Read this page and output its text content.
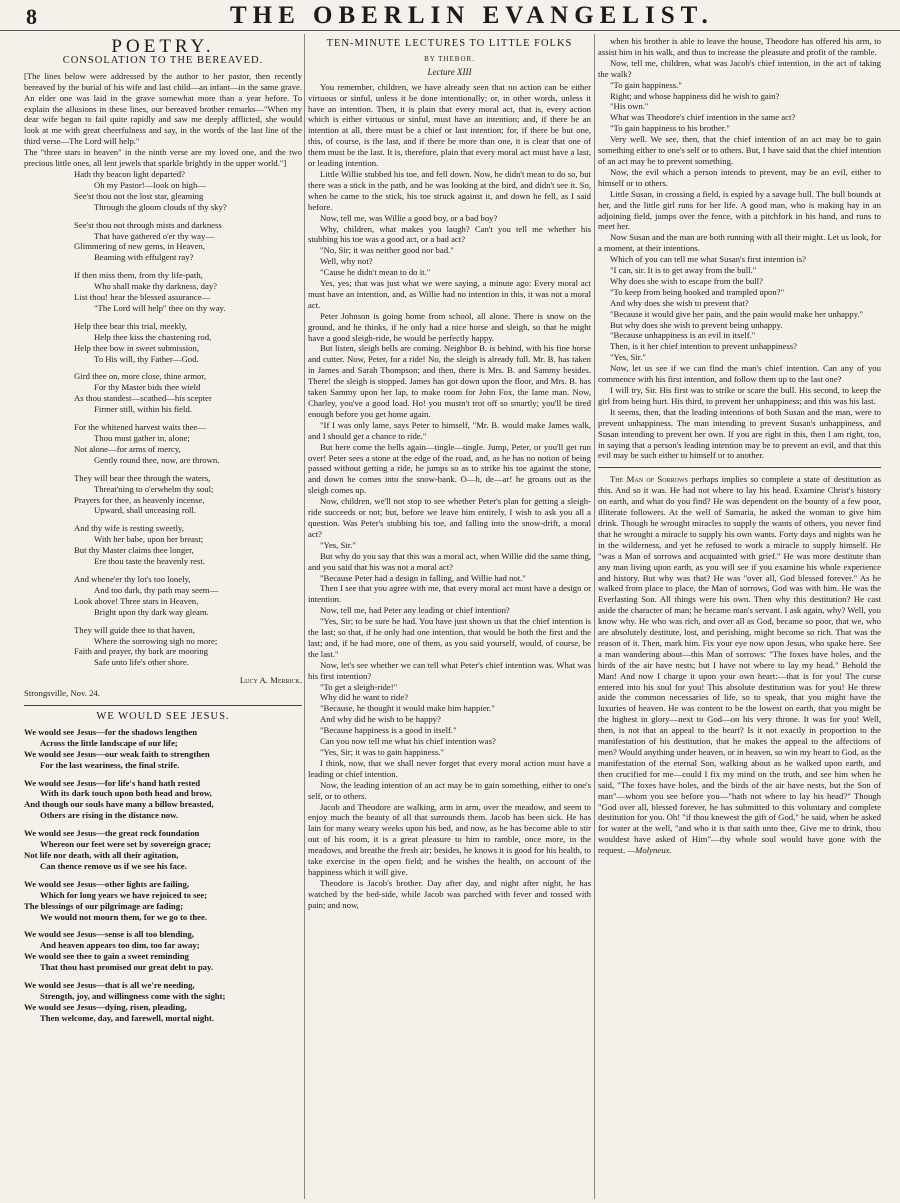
8	THE OBERLIN EVANGELIST.
POETRY.
CONSOLATION TO THE BEREAVED.

[The lines below were addressed by the author to her pastor, then recently bereaved by the burial of his wife and last child—an infant—in the same grave. An elder one was laid in the grave somewhat more than a year before. To explain the allusions in these lines, our bereaved brother remarks—"When my dear wife began to fail quite rapidly and saw me deeply afflicted, she would look at me with great cheerfulness and say, in the words of the last line of the third verse—The Lord will help."

The "three stars in heaven" in the ninth verse are my loved one, and the two precious little ones, all lent jewels that sparkle brightly in the upper world."]

Hath thy beacon light departed?
Oh my Pastor!—look on high—
See'st thou not the lost star, gleaming
Through the gloom clouds of thy sky?
See'st thou not through mists and darkness
That have gathered o'er thy way—
Glimmering of new gems, in Heaven,
Beaming with effulgent ray?
If then miss them, from thy life-path,
Who shall make thy darkness, day?
List thou! hear the blessed assurance—
"The Lord will help" thee on thy way.
Help thee bear this trial, meekly,
Help thee kiss the chastening rod,
Help thee bow in sweet submission,
To His will, thy Father—God.
Gird thee on, more close, thine armor,
For thy Master bids thee wield
As thou standest—scathed—his scepter
Firmer still, within his field.
For the whitened harvest waits thee—
Thou must gather in, alone;
Not alone—for arms of mercy,
Gently round thee, now, are thrown.
They will bear thee through the waters,
Threat'ning to o'erwhelm thy soul;
Prayers for thee, as heavenly incense,
Upward, shall unceasing roll.
And thy wife is resting sweetly,
With her babe, upon her breast;
But thy Master claims thee longer,
Ere thou taste the heavenly rest.
And whene'er thy lot's too lonely,
And too dark, thy path may seem—
Look above! Three stars in Heaven,
Bright upon thy dark way gleam.
They will guide thee to that haven,
Where the sorrowing sigh no more;
Faith and prayer, thy bark are mooring
Safe unto life's other shore.
Lucy A. Merrick.
Strongsville, Nov. 24.
WE WOULD SEE JESUS.
We would see Jesus—for the shadows lengthen
Across the little landscape of our life;
We would see Jesus—our weak faith to strengthen
For the last weariness, the final strife.
We would see Jesus—for life's hand hath rested
With its dark touch upon both head and brow,
And though our souls have many a billow breasted,
Others are rising in the distance now.
We would see Jesus—the great rock foundation
Whereon our feet were set by sovereign grace;
Not life nor death, with all their agitation,
Can thence remove us if we see his face.
We would see Jesus—other lights are failing,
Which for long years we have rejoiced to see;
The blessings of our pilgrimage are fading;
We would not mourn them, for we go to thee.
We would see Jesus—sense is all too blending,
And heaven appears too dim, too far away;
We would see thee to gain a sweet reminding
That thou hast promised our great debt to pay.
We would see Jesus—that is all we're needing,
Strength, joy, and willingness come with the sight;
We would see Jesus—dying, risen, pleading,
Then welcome, day, and farewell, mortal night.
TEN-MINUTE LECTURES TO LITTLE FOLKS
BY THEBOR.
Lecture XIII

You remember, children, we have already seen that no action can be either virtuous or sinful, unless it be done intentionally; or, in other words, unless it have an intention. Then, it is plain that every moral act, that is, every action which is either virtuous or sinful, must have an intention; and, if there be an intention at all, there must be a chief or last intention; for, if there be but one, this, of course, is the last, and if there be more than one, it is clear that one of them must be the last. It is, therefore, plain that every moral act must have a last, or leading intention.

Little Willie stubbed his toe, and fell down. Now, he didn't mean to do so, but there was a stick in the path, and he was looking at the bird, and didn't see it. So, when he came to the stick, his toe struck against it, and down he fell, as I said before.

Now, tell me, was Willie a good boy, or a bad boy?

Why, children, what makes you laugh? Can't you tell me whether his stubbing his toe was a good act, or a bad act?

"No, Sir; it was neither good nor bad."

Well, why not?

"Cause he didn't mean to do it."

Yes, yes; that was just what we were saying, a minute ago: Every moral act must have an intention, and, as Willie had no intention in this, it was not a moral act.

Peter Johnson is going home from school, all alone. There is snow on the ground, and he thinks, if he only had a nice horse and sleigh, so that he might have a good sleigh-ride, he would be perfectly happy.

But listen, sleigh bells are coming. Neighbor B. is behind, with his fine horse and cutter. Now, Peter, for a ride! No, the sleigh is already full. Mr. B. has taken in James and Sarah Thompson; and then, there is Mrs. B. and Sammy besides. There! the sleigh is stopped. James has got down upon the floor, and Mrs. B. has taken Sammy upon her lap, to make room for John Fox, the lame man. Now, Charley, you've a good load. Ho! you mustn't trot off so smartly; you'll be tired enough before you get home again.

"If I was only lame, says Peter to himself, "Mr. B. would make James walk, and I should get a chance to ride."

But here come the bells again—tingle—tingle. Jump, Peter, or you'll get run over! Peter sees a stone at the edge of the road, and, as he has no notion of being passed without getting a ride, he jumps so as to strike his toe against the stone, and down he comes into the snow-bank. O—h, de—ar! he groans out as the sleigh comes up.

Now, children, we'll not stop to see whether Peter's plan for getting a sleigh-ride succeeds or not; but, before we leave him entirely, I wish to ask you all a question. Was Peter's stubbing his toe, and falling into the snow-drift, a moral act?

"Yes, Sir."

But why do you say that this was a moral act, when Willie did the same thing, and you said that his was not a moral act?

"Because Peter had a design in falling, and Willie had not."

Then I see that you agree with me, that every moral act must have a design or intention.

Now, tell me, had Peter any leading or chief intention?

"Yes, Sir; to be sure he had. You have just shown us that the chief intention is the last; so that, if he only had one intention, that would be both the first and the last; and, if he had more, one of them, as you said yourself, would, of course, be the last."

Now, let's see whether we can tell what Peter's chief intention was. What was his first intention?

"To get a sleigh-ride!"

Why did he want to ride?

"Because, he thought it would make him happier."

And why did he wish to be happy?

"Because happiness is a good in itself."

Can you now tell me what his chief intention was?

"Yes, Sir; it was to gain happiness."

I think, now, that we shall never forget that every moral action must have a leading or chief intention.

Now, the leading intention of an act may be to gain something, either to one's self, or to others.

Jacob and Theodore are walking, arm in arm, over the meadow, and seem to enjoy much the beauty of all that surrounds them. Jacob has been sick. He has lain for many weary weeks upon his bed, and now, as he has become able to stir out of his room, it is a great pleasure to him to ramble, once more, in the meadows, and breathe the fresh air; besides, he knows it is good for his health, to take exercise in the open field; and he wishes the health, on account of the happiness which it will give.

Theodore is Jacob's brother. Day after day, and night after night, he has watched by the bed-side, while Jacob was parched with fever and tossed with pain; and now,

when his brother is able to leave the house, Theodore has offered his arm, to assist him in his walk, and thus to increase the pleasure and profit of the ramble.

Now, tell me, children, what was Jacob's chief intention, in the act of taking the walk?

"To gain happiness."

Right; and whose happiness did he wish to gain?

"His own."

What was Theodore's chief intention in the same act?

"To gain happiness to his brother."

Very well. We see, then, that the chief intention of an act may be to gain something either to one's self or to others. But, I have said that the chief intention of an act may be to prevent something.

Now, the evil which a person intends to prevent, may be an evil, either to himself or to others.

Little Susan, in crossing a field, is espied by a savage bull. The bull bounds at her, and the little girl runs for her life. A good man, who is making hay in an adjoining field, jumps over the fence, with a pitchfork in his hand, and runs to meet her.

Now Susan and the man are both running with all their might. Let us look, for a moment, at their intentions.

Which of you can tell me what Susan's first intention is?

"I can, sir. It is to get away from the bull."

Why does she wish to escape from the bull?

"To keep from being hooked and trampled upon?"

And why does she wish to prevent that?

"Because it would give her pain, and the pain would make her unhappy."

But why does she wish to prevent being unhappy.

"Because unhappiness is an evil in itself."

Then, is it her chief intention to prevent unhappiness?

"Yes, Sir."

Now, let us see if we can find the man's chief intention. Can any of you commence with his first intention, and follow them up to the last one?

I will try, Sir. His first was to strike or scare the bull. His second, to keep the girl from being hurt. His third, to prevent her unhappiness; and this was his last.

It seems, then, that the leading intentions of both Susan and the man, were to prevent unhappiness. The man intending to prevent Susan's unhappiness, and Susan intending to prevent her own. If you are right in this, then I am right, too, in saying that a person's leading intention may be to prevent an evil, and that this evil may be such either to himself or to another.

The Man of Sorrows perhaps implies so complete a state of destitution as this. And so it was. He had not where to lay his head. Examine Christ's history on earth, and what do you find? He was dependent on the bounty of a few poor, illiterate followers. At the well of Samaria, he asked the woman to give him drink. Though he wrought miracles to supply the wants of others, you never find that he wrought a miracle to supply his own wants. Forty days and nights was he in the wilderness, and yet he refused to work a miracle to supply himself. He "was a Man of sorrows and acquainted with grief." He was more destitute than any man living upon earth, as you will see if you examine his whole experience and history. But why was that? He was "over all, God blessed forever." As he walked from place to place, the Man of sorrows, God was with him. He was the Everlasting Son. All things were his own. Then why this destitution? He cast aside the character of man; he became man's servant. I ask again, why? Well, you know why. He who was rich, and over all as God, became so poor, that we, who are absolutely destitute, lost, and perishing, might become so rich. That was the reason of it. Then, mark him. Fix your eye now upon Jesus, who spake here. See a man wandering about—this Man of sorrows: "The foxes have holes, and the birds of the air have nests; but I have not where to lay my head." Behold the Man! And now I charge it upon your own heart:—that is for you! The curse entered into his soul for you! This absolute destitution was for you! He threw aside the common necessaries of life, so to speak, that you might have the luxuries of heaven. He was content to be the lowest on earth, that you might be the highest in glory—next to God—on his very throne. It was for you! Well, then, is not that an appeal to the heart? Is it not exactly in proportion to the manifestation of his destitution, that he makes the appeal to the affections of men? Would anything under heaven, or in heaven, so win my heart to God, as the manifestation of the eternal Son, walking about as he walked upon earth, and then crucified for me—could I fix my mind on the truth, and see him when he said, "The foxes have holes, and the birds of the air have nests, but the Son of man"—whom you see before you—"hath not where to lay his head?" Though "God over all, blessed forever, he has submitted to this voluntary and complete destitution for you. Oh! "if thou knewest the gift of God," he said, when he asked for water at the well, "and who it is that saith unto thee, Give me to drink, thou wouldest have asked of Him"—thy whole soul would have gone with the request. —Molyneux.
